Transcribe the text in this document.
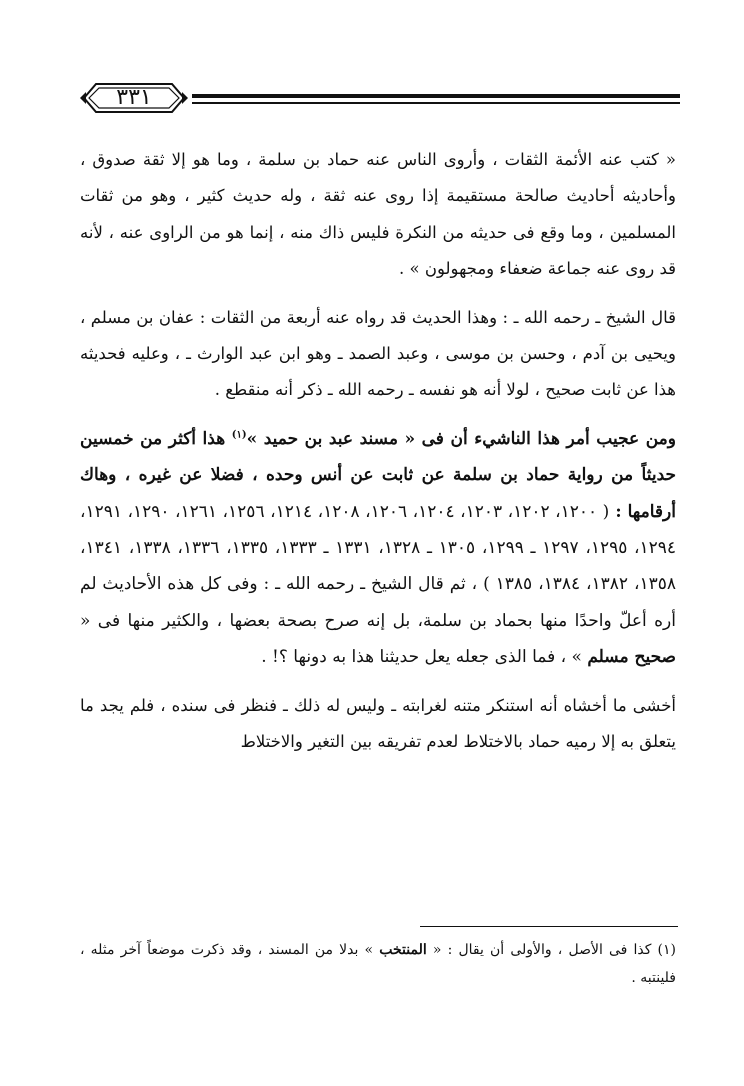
٣٣١

« كتب عنه الأئمة الثقات ، وأروى الناس عنه حماد بن سلمة ، وما هو إلا ثقة صدوق ، وأحاديثه أحاديث صالحة مستقيمة إذا روى عنه ثقة ، وله حديث كثير ، وهو من ثقات المسلمين ، وما وقع فى حديثه من النكرة فليس ذاك منه ، إنما هو من الراوى عنه ، لأنه قد روى عنه جماعة ضعفاء ومجهولون » .

قال الشيخ ـ رحمه الله ـ : وهذا الحديث قد رواه عنه أربعة من الثقات : عفان بن مسلم ، ويحيى بن آدم ، وحسن بن موسى ، وعبد الصمد ـ وهو ابن عبد الوارث ـ ، وعليه فحديثه هذا عن ثابت صحيح ، لولا أنه هو نفسه ـ رحمه الله ـ ذكر أنه منقطع .

ومن عجيب أمر هذا الناشيء أن فى « مسند عبد بن حميد »$^{(١)}$ هذا أكثر من خمسين حديثاً من رواية حماد بن سلمة عن ثابت عن أنس وحده ، فضلا عن غيره ، وهاك أرقامها : ( ١٢٠٠، ١٢٠٢، ١٢٠٣، ١٢٠٤، ١٢٠٦، ١٢٠٨، ١٢١٤، ١٢٥٦، ١٢٦١، ١٢٩٠، ١٢٩١، ١٢٩٤، ١٢٩٥، ١٢٩٧ ـ ١٢٩٩، ١٣٠٥ ـ ١٣٢٨، ١٣٣١ ـ ١٣٣٣، ١٣٣٥، ١٣٣٦، ١٣٣٨، ١٣٤١، ١٣٥٨، ١٣٨٢، ١٣٨٤، ١٣٨٥ ) ، ثم قال الشيخ ـ رحمه الله ـ : وفى كل هذه الأحاديث لم أره أعلّ واحدًا منها بحماد بن سلمة، بل إنه صرح بصحة بعضها ، والكثير منها فى « صحيح مسلم » ، فما الذى جعله يعل حديثنا هذا به دونها ؟! .

أخشى ما أخشاه أنه استنكر متنه لغرابته ـ وليس له ذلك ـ فنظر فى سنده ، فلم يجد ما يتعلق به إلا رميه حماد بالاختلاط لعدم تفريقه بين التغير والاختلاط

(١) كذا فى الأصل ، والأولى أن يقال : « المنتخب » بدلا من المسند ، وقد ذكرت موضعاً آخر مثله ، فلينتبه .
